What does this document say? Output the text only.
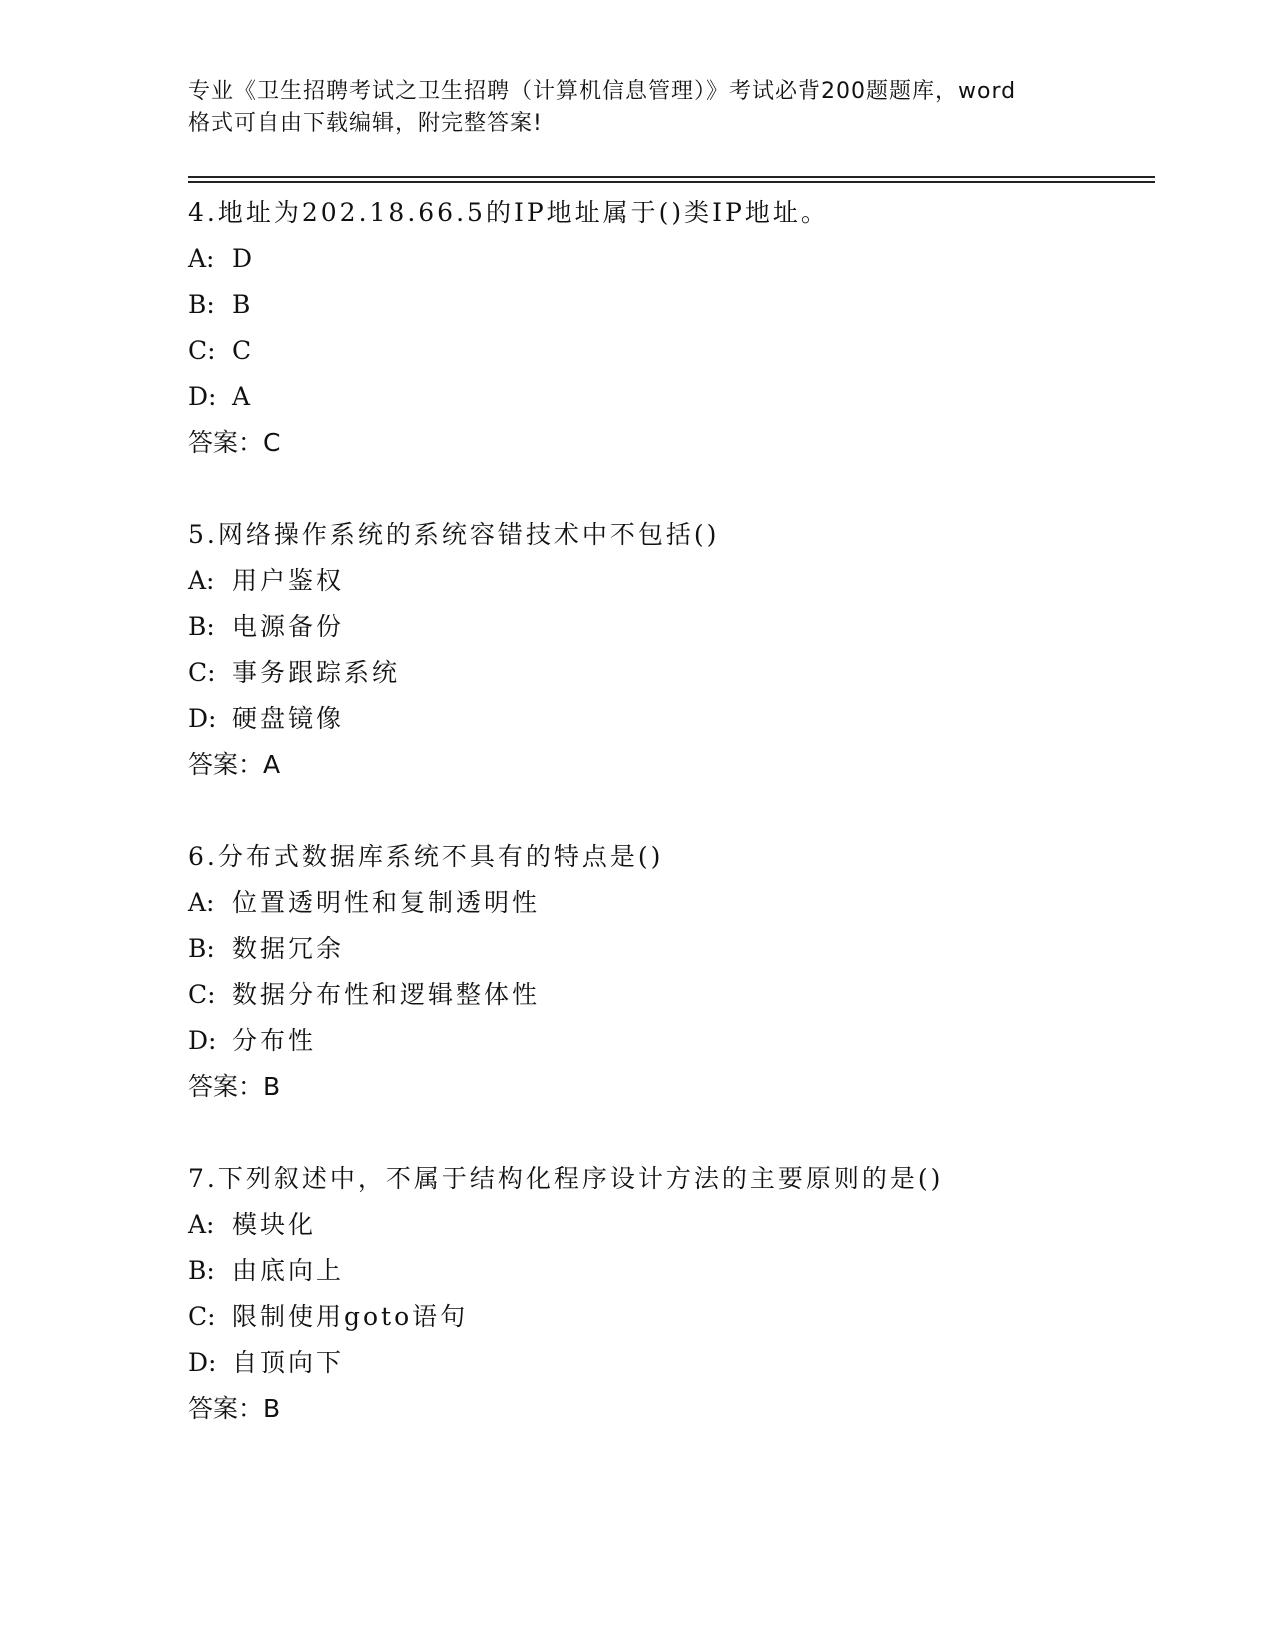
专业《卫生招聘考试之卫生招聘（计算机信息管理）》考试必背200题题库，word
格式可自由下载编辑，附完整答案!
4.地址为202.18.66.5的IP地址属于()类IP地址。
A: D
B: B
C: C
D: A
答案：C
5.网络操作系统的系统容错技术中不包括()
A: 用户鉴权
B: 电源备份
C: 事务跟踪系统
D: 硬盘镜像
答案：A
6.分布式数据库系统不具有的特点是()
A: 位置透明性和复制透明性
B: 数据冗余
C: 数据分布性和逻辑整体性
D: 分布性
答案：B
7.下列叙述中，不属于结构化程序设计方法的主要原则的是()
A: 模块化
B: 由底向上
C: 限制使用goto语句
D: 自顶向下
答案：B
